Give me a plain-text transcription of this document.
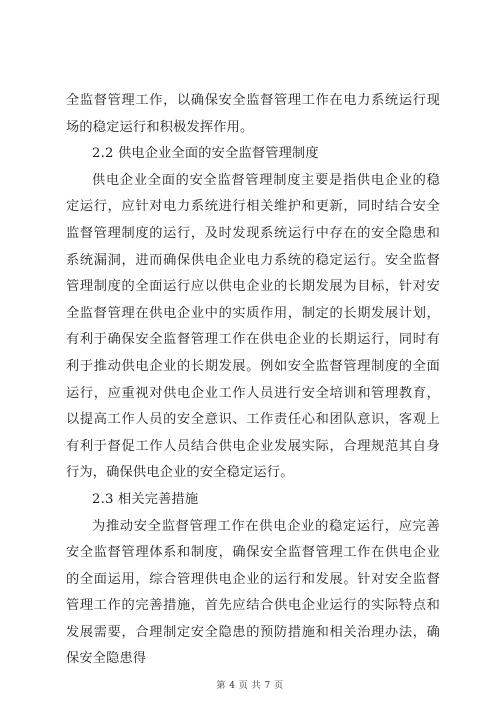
全监督管理工作，以确保安全监督管理工作在电力系统运行现场的稳定运行和积极发挥作用。

2.2 供电企业全面的安全监督管理制度

供电企业全面的安全监督管理制度主要是指供电企业的稳定运行，应针对电力系统进行相关维护和更新，同时结合安全监督管理制度的运行，及时发现系统运行中存在的安全隐患和系统漏洞，进而确保供电企业电力系统的稳定运行。安全监督管理制度的全面运行应以供电企业的长期发展为目标，针对安全监督管理在供电企业中的实质作用，制定的长期发展计划，有利于确保安全监督管理工作在供电企业的长期运行，同时有利于推动供电企业的长期发展。例如安全监督管理制度的全面运行，应重视对供电企业工作人员进行安全培训和管理教育，以提高工作人员的安全意识、工作责任心和团队意识，客观上有利于督促工作人员结合供电企业发展实际，合理规范其自身行为，确保供电企业的安全稳定运行。

2.3 相关完善措施

为推动安全监督管理工作在供电企业的稳定运行，应完善安全监督管理体系和制度，确保安全监督管理工作在供电企业的全面运用，综合管理供电企业的运行和发展。针对安全监督管理工作的完善措施，首先应结合供电企业运行的实际特点和发展需要，合理制定安全隐患的预防措施和相关治理办法，确保安全隐患得

第 4 页 共 7 页
